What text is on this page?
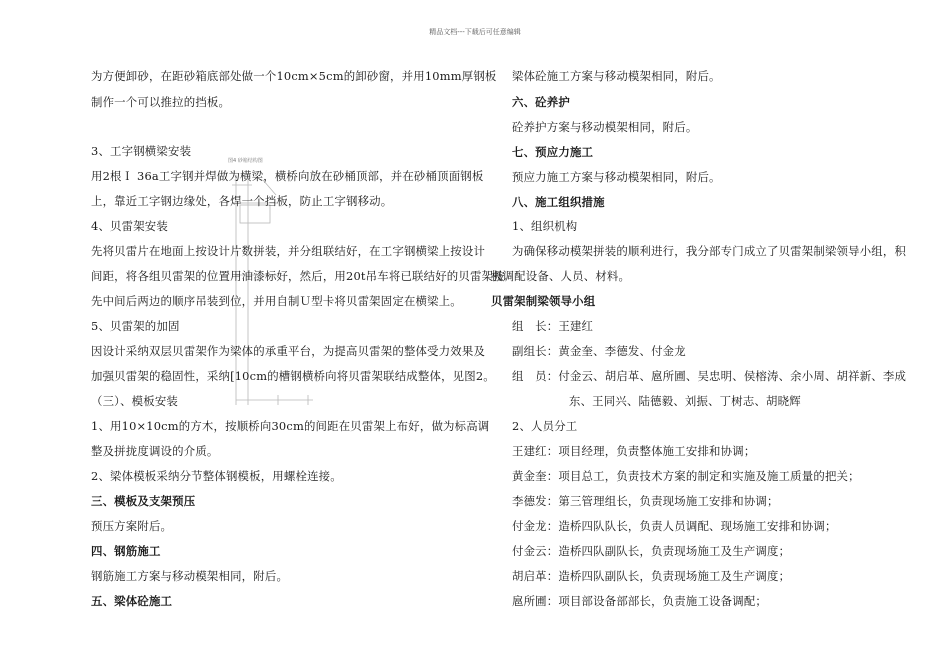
精品文档---下载后可任意编辑
图4 砂箱结构图
为方便卸砂，在距砂箱底部处做一个10cm×5cm的卸砂窗，并用10mm厚钢板
制作一个可以推拉的挡板。
3、工字钢横梁安装
用2根Ｉ 36a工字钢并焊做为横梁，横桥向放在砂桶顶部，并在砂桶顶面钢板
上，靠近工字钢边缘处，各焊一个挡板，防止工字钢移动。
4、贝雷架安装
先将贝雷片在地面上按设计片数拼装，并分组联结好，在工字钢横梁上按设计
间距，将各组贝雷架的位置用油漆标好，然后，用20t吊车将已联结好的贝雷架按
先中间后两边的顺序吊装到位，并用自制Ｕ型卡将贝雷架固定在横梁上。
5、贝雷架的加固
因设计采纳双层贝雷架作为梁体的承重平台，为提高贝雷架的整体受力效果及
加强贝雷架的稳固性，采纳[10cm的槽钢横桥向将贝雷架联结成整体，见图2。
（三）、模板安装
1、用10×10cm的方木，按顺桥向30cm的间距在贝雷架上布好，做为标高调
整及拼拢度调设的介质。
2、梁体模板采纳分节整体钢模板，用螺栓连接。
三、模板及支架预压
预压方案附后。
四、钢筋施工
钢筋施工方案与移动模架相同，附后。
五、梁体砼施工
梁体砼施工方案与移动模架相同，附后。
六、砼养护
砼养护方案与移动模架相同，附后。
七、预应力施工
预应力施工方案与移动模架相同，附后。
八、施工组织措施
1、组织机构
为确保移动模架拼装的顺利进行，我分部专门成立了贝雷架制梁领导小组，积
极调配设备、人员、材料。
贝雷架制梁领导小组
组　长：王建红
副组长：黄金奎、李德发、付金龙
组　员：付金云、胡启革、扈所圃、吴忠明、侯榕涛、余小周、胡祥新、李成
东、王同兴、陆德毅、刘振、丁树志、胡晓辉
2、人员分工
王建红：项目经理，负责整体施工安排和协调；
黄金奎：项目总工，负责技术方案的制定和实施及施工质量的把关；
李德发：第三管理组长，负责现场施工安排和协调；
付金龙：造桥四队队长，负责人员调配、现场施工安排和协调；
付金云：造桥四队副队长，负责现场施工及生产调度；
胡启革：造桥四队副队长，负责现场施工及生产调度；
扈所圃：项目部设备部部长，负责施工设备调配；
